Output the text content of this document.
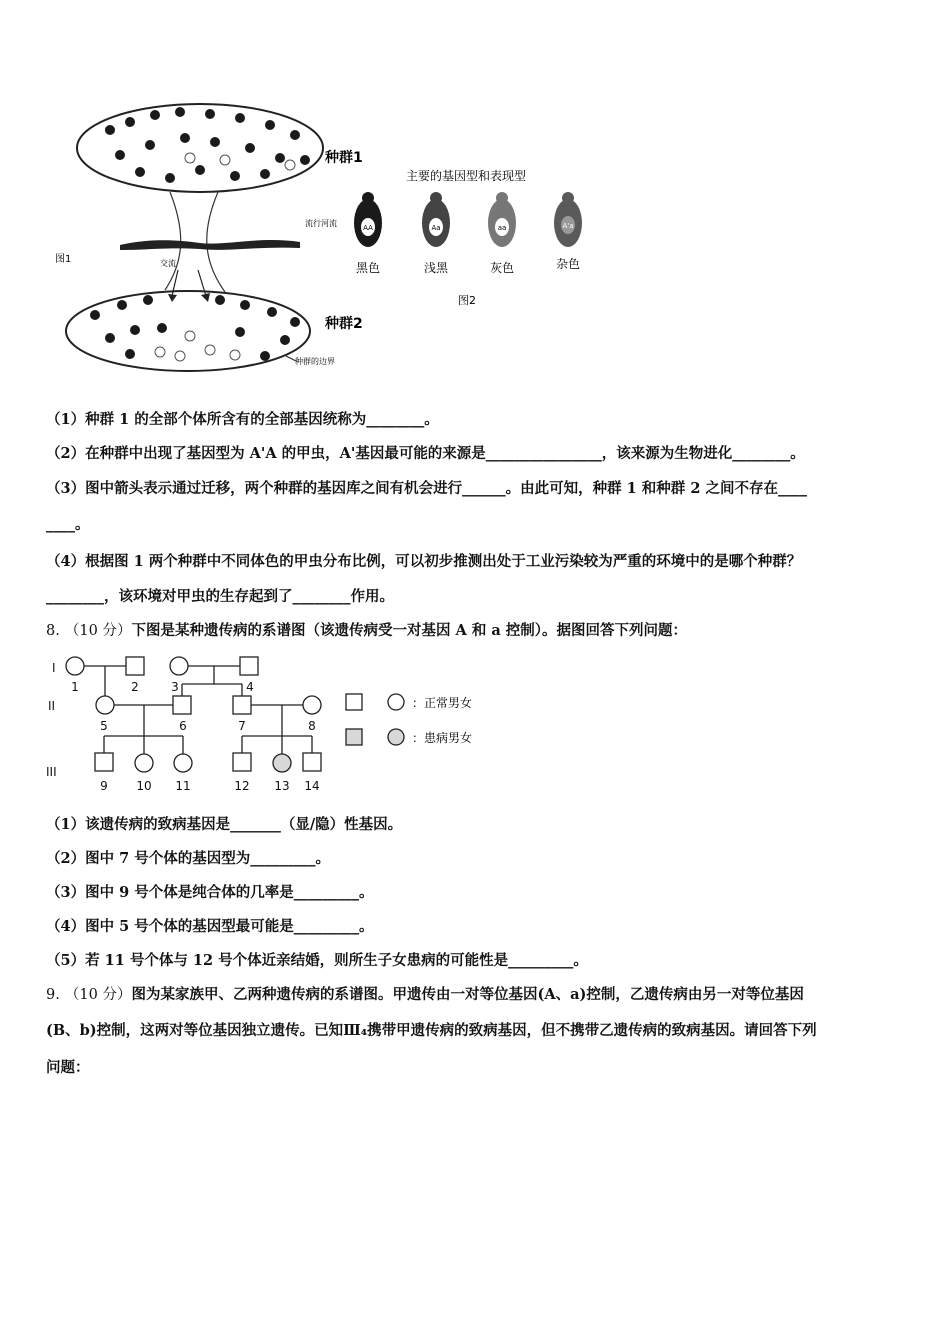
种群1
种群2
图1
流行河流
交流
种群的边界
主要的基因型和表现型
AA
黑色
Aa
浅黑
aa
灰色
A'a
杂色
图2
（1）种群 1 的全部个体所含有的全部基因统称为________。
（2）在种群中出现了基因型为 A'A 的甲虫，A'基因最可能的来源是________________，该来源为生物进化________。
（3）图中箭头表示通过迁移，两个种群的基因库之间有机会进行______。由此可知，种群 1 和种群 2 之间不存在____
____。
（4）根据图 1 两个种群中不同体色的甲虫分布比例，可以初步推测出处于工业污染较为严重的环境中的是哪个种群？
________，该环境对甲虫的生存起到了________作用。
8. （10 分）下图是某种遗传病的系谱图（该遗传病受一对基因 A 和 a 控制）。据图回答下列问题：
I
II
III
1	2	3	4
5	6	7	8
9 10 11	12 13 14
：正常男女
：患病男女
（1）该遗传病的致病基因是_______（显/隐）性基因。
（2）图中 7 号个体的基因型为_________。
（3）图中 9 号个体是纯合体的几率是_________。
（4）图中 5 号个体的基因型最可能是_________。
（5）若 11 号个体与 12 号个体近亲结婚，则所生子女患病的可能性是_________。
9. （10 分）图为某家族甲、乙两种遗传病的系谱图。甲遗传由一对等位基因(A、a)控制，乙遗传病由另一对等位基因
(B、b)控制，这两对等位基因独立遗传。已知Ⅲ₄携带甲遗传病的致病基因，但不携带乙遗传病的致病基因。请回答下列
问题：
